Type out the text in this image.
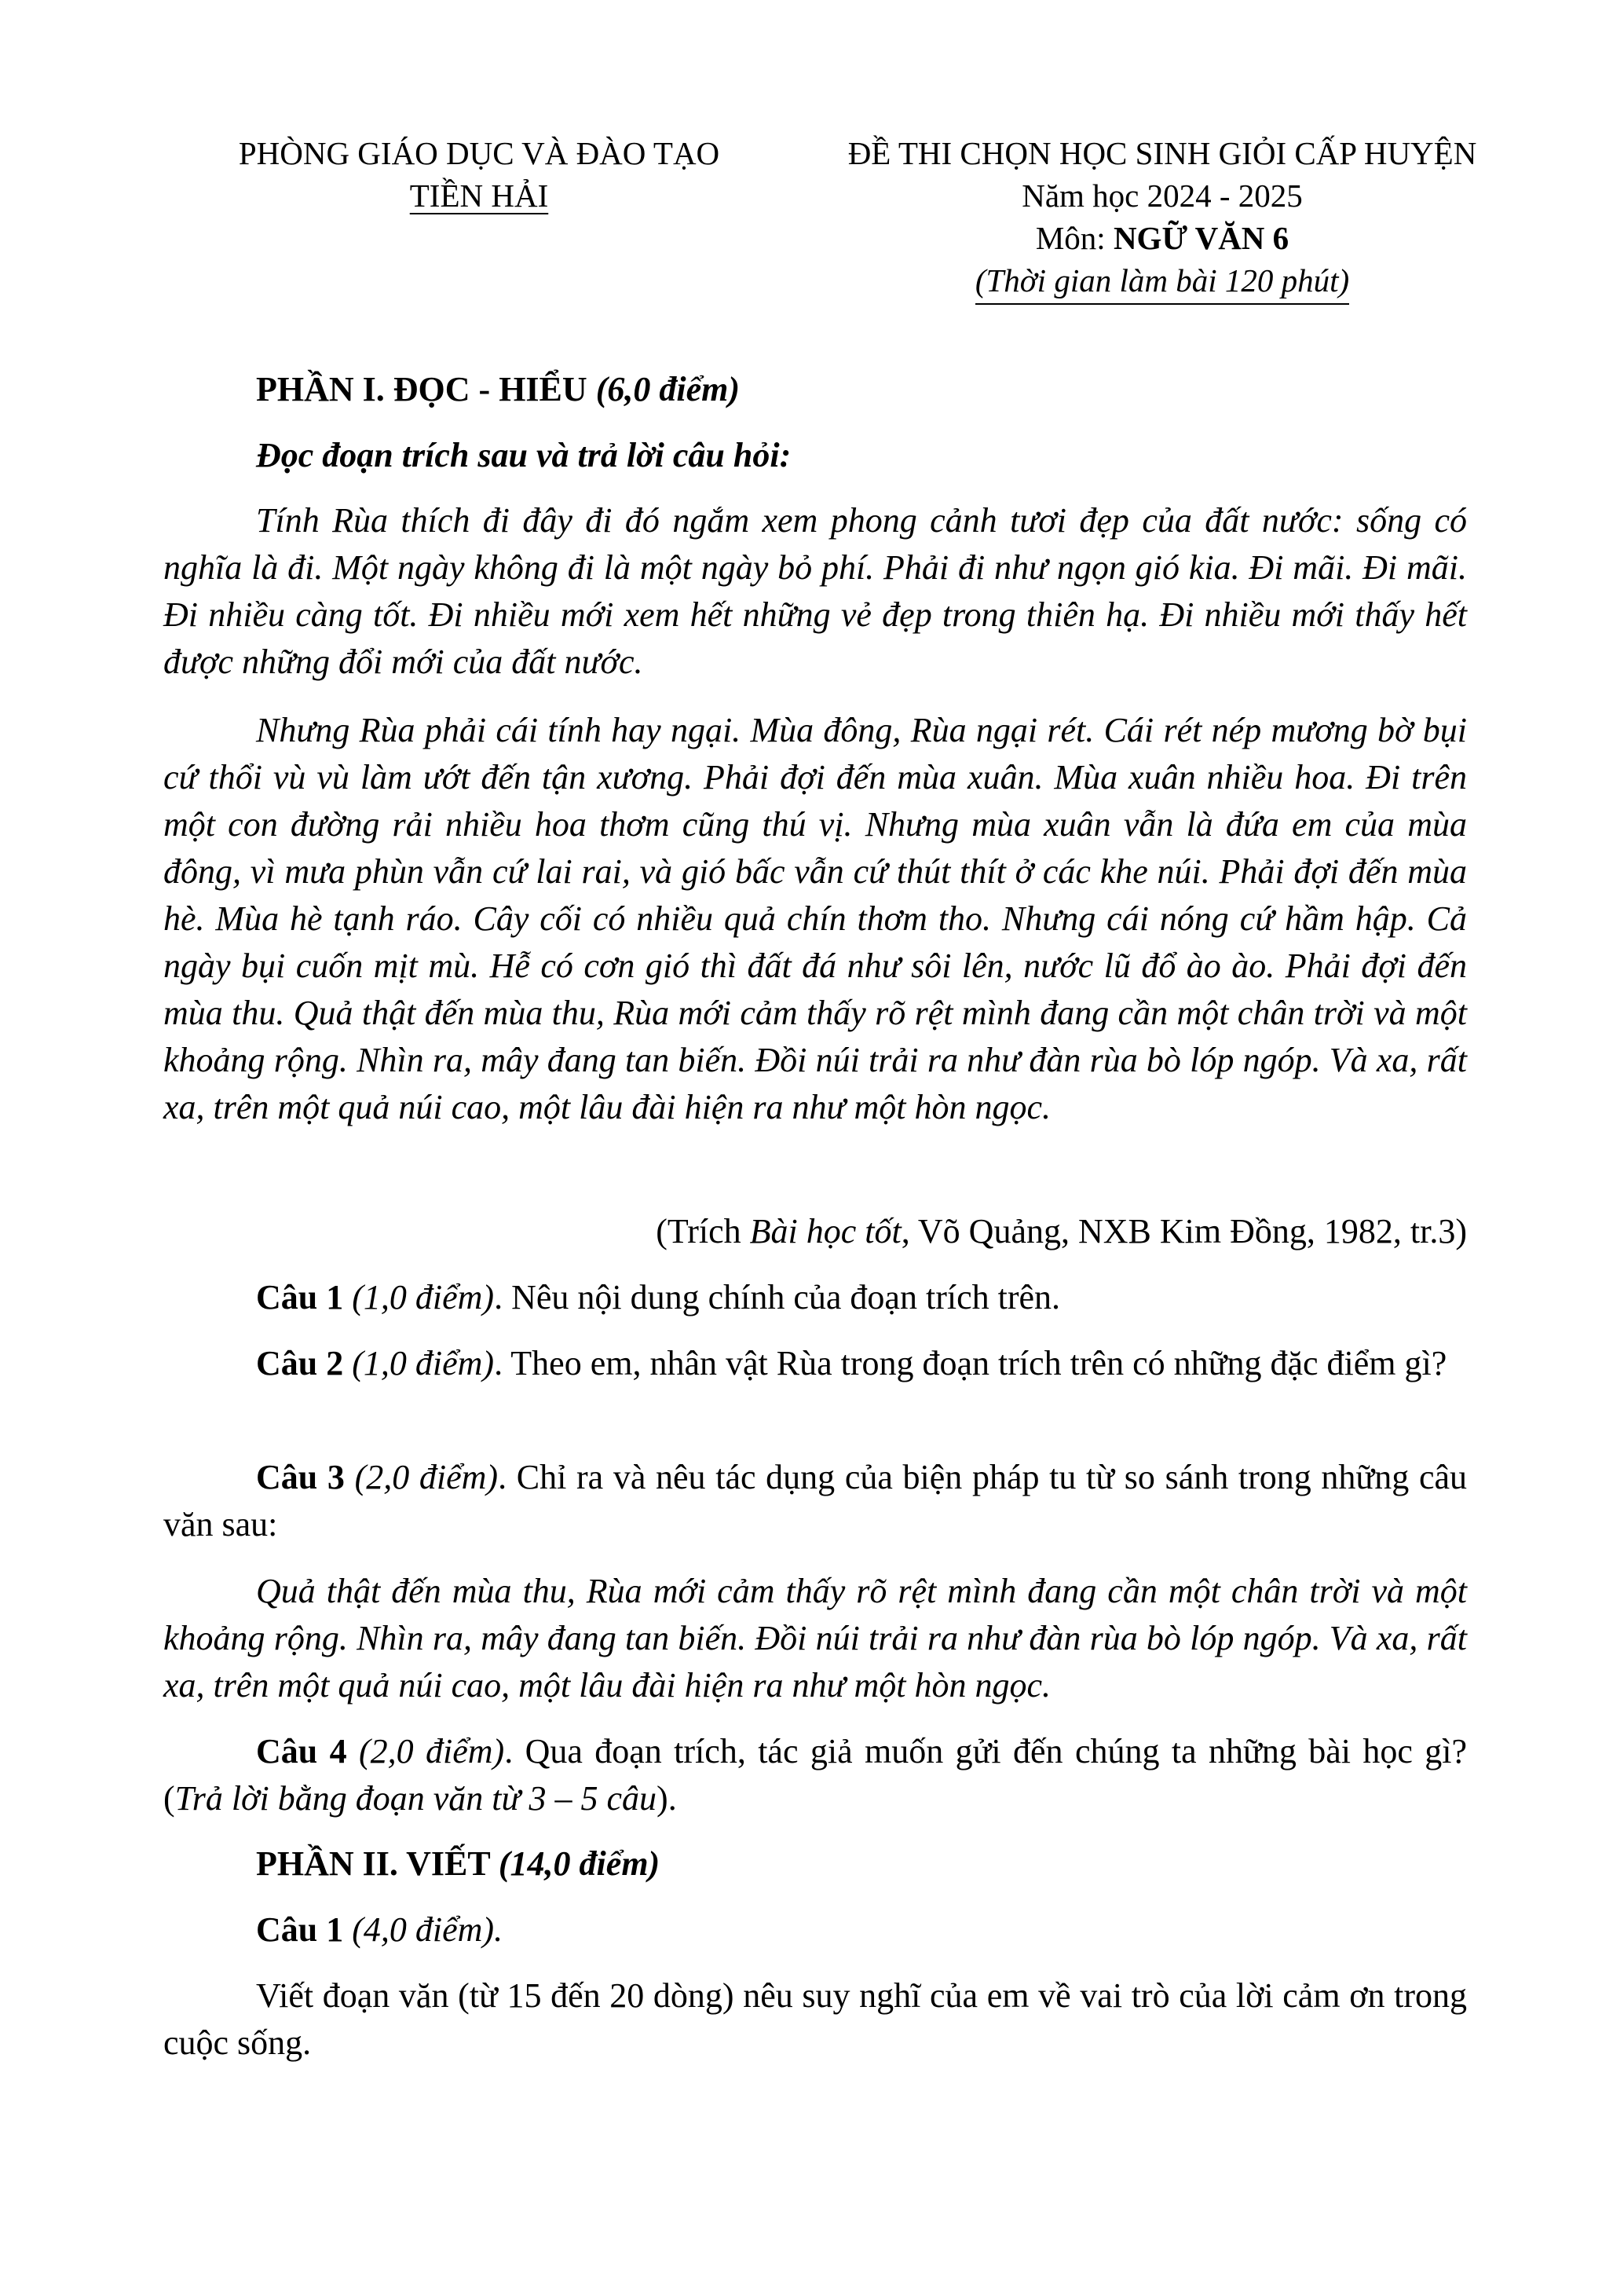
PHÒNG GIÁO DỤC VÀ ĐÀO TẠO
TIỀN HẢI
ĐỀ THI CHỌN HỌC SINH GIỎI CẤP HUYỆN
Năm học 2024 - 2025
Môn: NGỮ VĂN 6
(Thời gian làm bài 120 phút)
PHẦN I. ĐỌC - HIỂU (6,0 điểm)
Đọc đoạn trích sau và trả lời câu hỏi:
Tính Rùa thích đi đây đi đó ngắm xem phong cảnh tươi đẹp của đất nước: sống có nghĩa là đi. Một ngày không đi là một ngày bỏ phí. Phải đi như ngọn gió kia. Đi mãi. Đi mãi. Đi nhiều càng tốt. Đi nhiều mới xem hết những vẻ đẹp trong thiên hạ. Đi nhiều mới thấy hết được những đổi mới của đất nước.
Nhưng Rùa phải cái tính hay ngại. Mùa đông, Rùa ngại rét. Cái rét nép mương bờ bụi cứ thổi vù vù làm ướt đến tận xương. Phải đợi đến mùa xuân. Mùa xuân nhiều hoa. Đi trên một con đường rải nhiều hoa thơm cũng thú vị. Nhưng mùa xuân vẫn là đứa em của mùa đông, vì mưa phùn vẫn cứ lai rai, và gió bấc vẫn cứ thút thít ở các khe núi. Phải đợi đến mùa hè. Mùa hè tạnh ráo. Cây cối có nhiều quả chín thơm tho. Nhưng cái nóng cứ hầm hập. Cả ngày bụi cuốn mịt mù. Hễ có cơn gió thì đất đá như sôi lên, nước lũ đổ ào ào. Phải đợi đến mùa thu. Quả thật đến mùa thu, Rùa mới cảm thấy rõ rệt mình đang cần một chân trời và một khoảng rộng. Nhìn ra, mây đang tan biến. Đồi núi trải ra như đàn rùa bò lóp ngóp. Và xa, rất xa, trên một quả núi cao, một lâu đài hiện ra như một hòn ngọc.
(Trích Bài học tốt, Võ Quảng, NXB Kim Đồng, 1982, tr.3)
Câu 1 (1,0 điểm). Nêu nội dung chính của đoạn trích trên.
Câu 2 (1,0 điểm). Theo em, nhân vật Rùa trong đoạn trích trên có những đặc điểm gì?
Câu 3 (2,0 điểm). Chỉ ra và nêu tác dụng của biện pháp tu từ so sánh trong những câu văn sau:
Quả thật đến mùa thu, Rùa mới cảm thấy rõ rệt mình đang cần một chân trời và một khoảng rộng. Nhìn ra, mây đang tan biến. Đồi núi trải ra như đàn rùa bò lóp ngóp. Và xa, rất xa, trên một quả núi cao, một lâu đài hiện ra như một hòn ngọc.
Câu 4 (2,0 điểm). Qua đoạn trích, tác giả muốn gửi đến chúng ta những bài học gì? (Trả lời bằng đoạn văn từ 3 – 5 câu).
PHẦN II. VIẾT (14,0 điểm)
Câu 1 (4,0 điểm).
Viết đoạn văn (từ 15 đến 20 dòng) nêu suy nghĩ của em về vai trò của lời cảm ơn trong cuộc sống.
